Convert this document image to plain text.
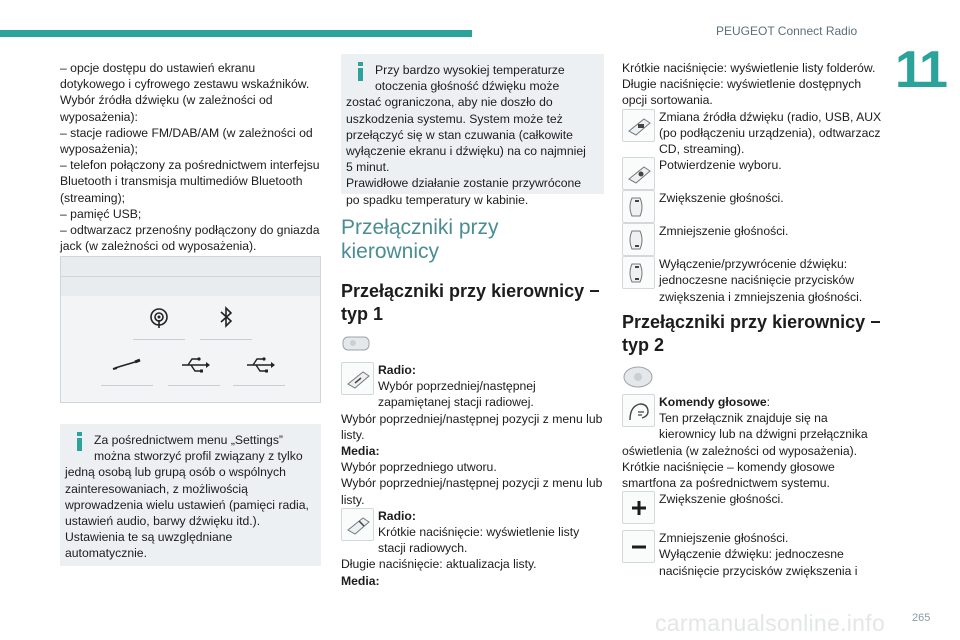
PEUGEOT Connect Radio
11
carmanualsonline.info 265

– opcje dostępu do ustawień ekranu dotykowego i cyfrowego zestawu wskaźników.

Wybór źródła dźwięku (w zależności od wyposażenia):

– stacje radiowe FM/DAB/AM (w zależności od wyposażenia);

– telefon połączony za pośrednictwem interfejsu Bluetooth i transmisja multimediów Bluetooth (streaming);

– pamięć USB;

– odtwarzacz przenośny podłączony do gniazda jack (w zależności od wyposażenia).

Za pośrednictwem menu „Settings” można stworzyć profil związany z tylko jedną osobą lub grupą osób o wspólnych zainteresowaniach, z możliwością wprowadzenia wielu ustawień (pamięci radia, ustawień audio, barwy dźwięku itd.). Ustawienia te są uwzględniane automatycznie.
Przy bardzo wysokiej temperaturze otoczenia głośność dźwięku może zostać ograniczona, aby nie doszło do uszkodzenia systemu. System może też przełączyć się w stan czuwania (całkowite wyłączenie ekranu i dźwięku) na co najmniej 5 minut.

Prawidłowe działanie zostanie przywrócone po spadku temperatury w kabinie.

Przełączniki przy kierownicy
Przełączniki przy kierownicy − typ 1
Radio:
Wybór poprzedniej/następnej zapamiętanej stacji radiowej.

Wybór poprzedniej/następnej pozycji z menu lub listy.

Media:

Wybór poprzedniego utworu.

Wybór poprzedniej/następnej pozycji z menu lub listy.

Radio:
Krótkie naciśnięcie: wyświetlenie listy stacji radiowych.

Długie naciśnięcie: aktualizacja listy.

Media:

Krótkie naciśnięcie: wyświetlenie listy folderów.

Długie naciśnięcie: wyświetlenie dostępnych opcji sortowania.

Zmiana źródła dźwięku (radio, USB, AUX (po podłączeniu urządzenia), odtwarzacz CD, streaming).
Potwierdzenie wyboru.
Zwiększenie głośności.
Zmniejszenie głośności.
Wyłączenie/przywrócenie dźwięku: jednoczesne naciśnięcie przycisków zwiększenia i zmniejszenia głośności.
Przełączniki przy kierownicy − typ 2
Komendy głosowe:
Ten przełącznik znajduje się na kierownicy lub na dźwigni przełącznika oświetlenia (w zależności od wyposażenia).

Krótkie naciśnięcie – komendy głosowe smartfona za pośrednictwem systemu.

Zwiększenie głośności.
Zmniejszenie głośności.
Wyłączenie dźwięku: jednoczesne naciśnięcie przycisków zwiększenia i
